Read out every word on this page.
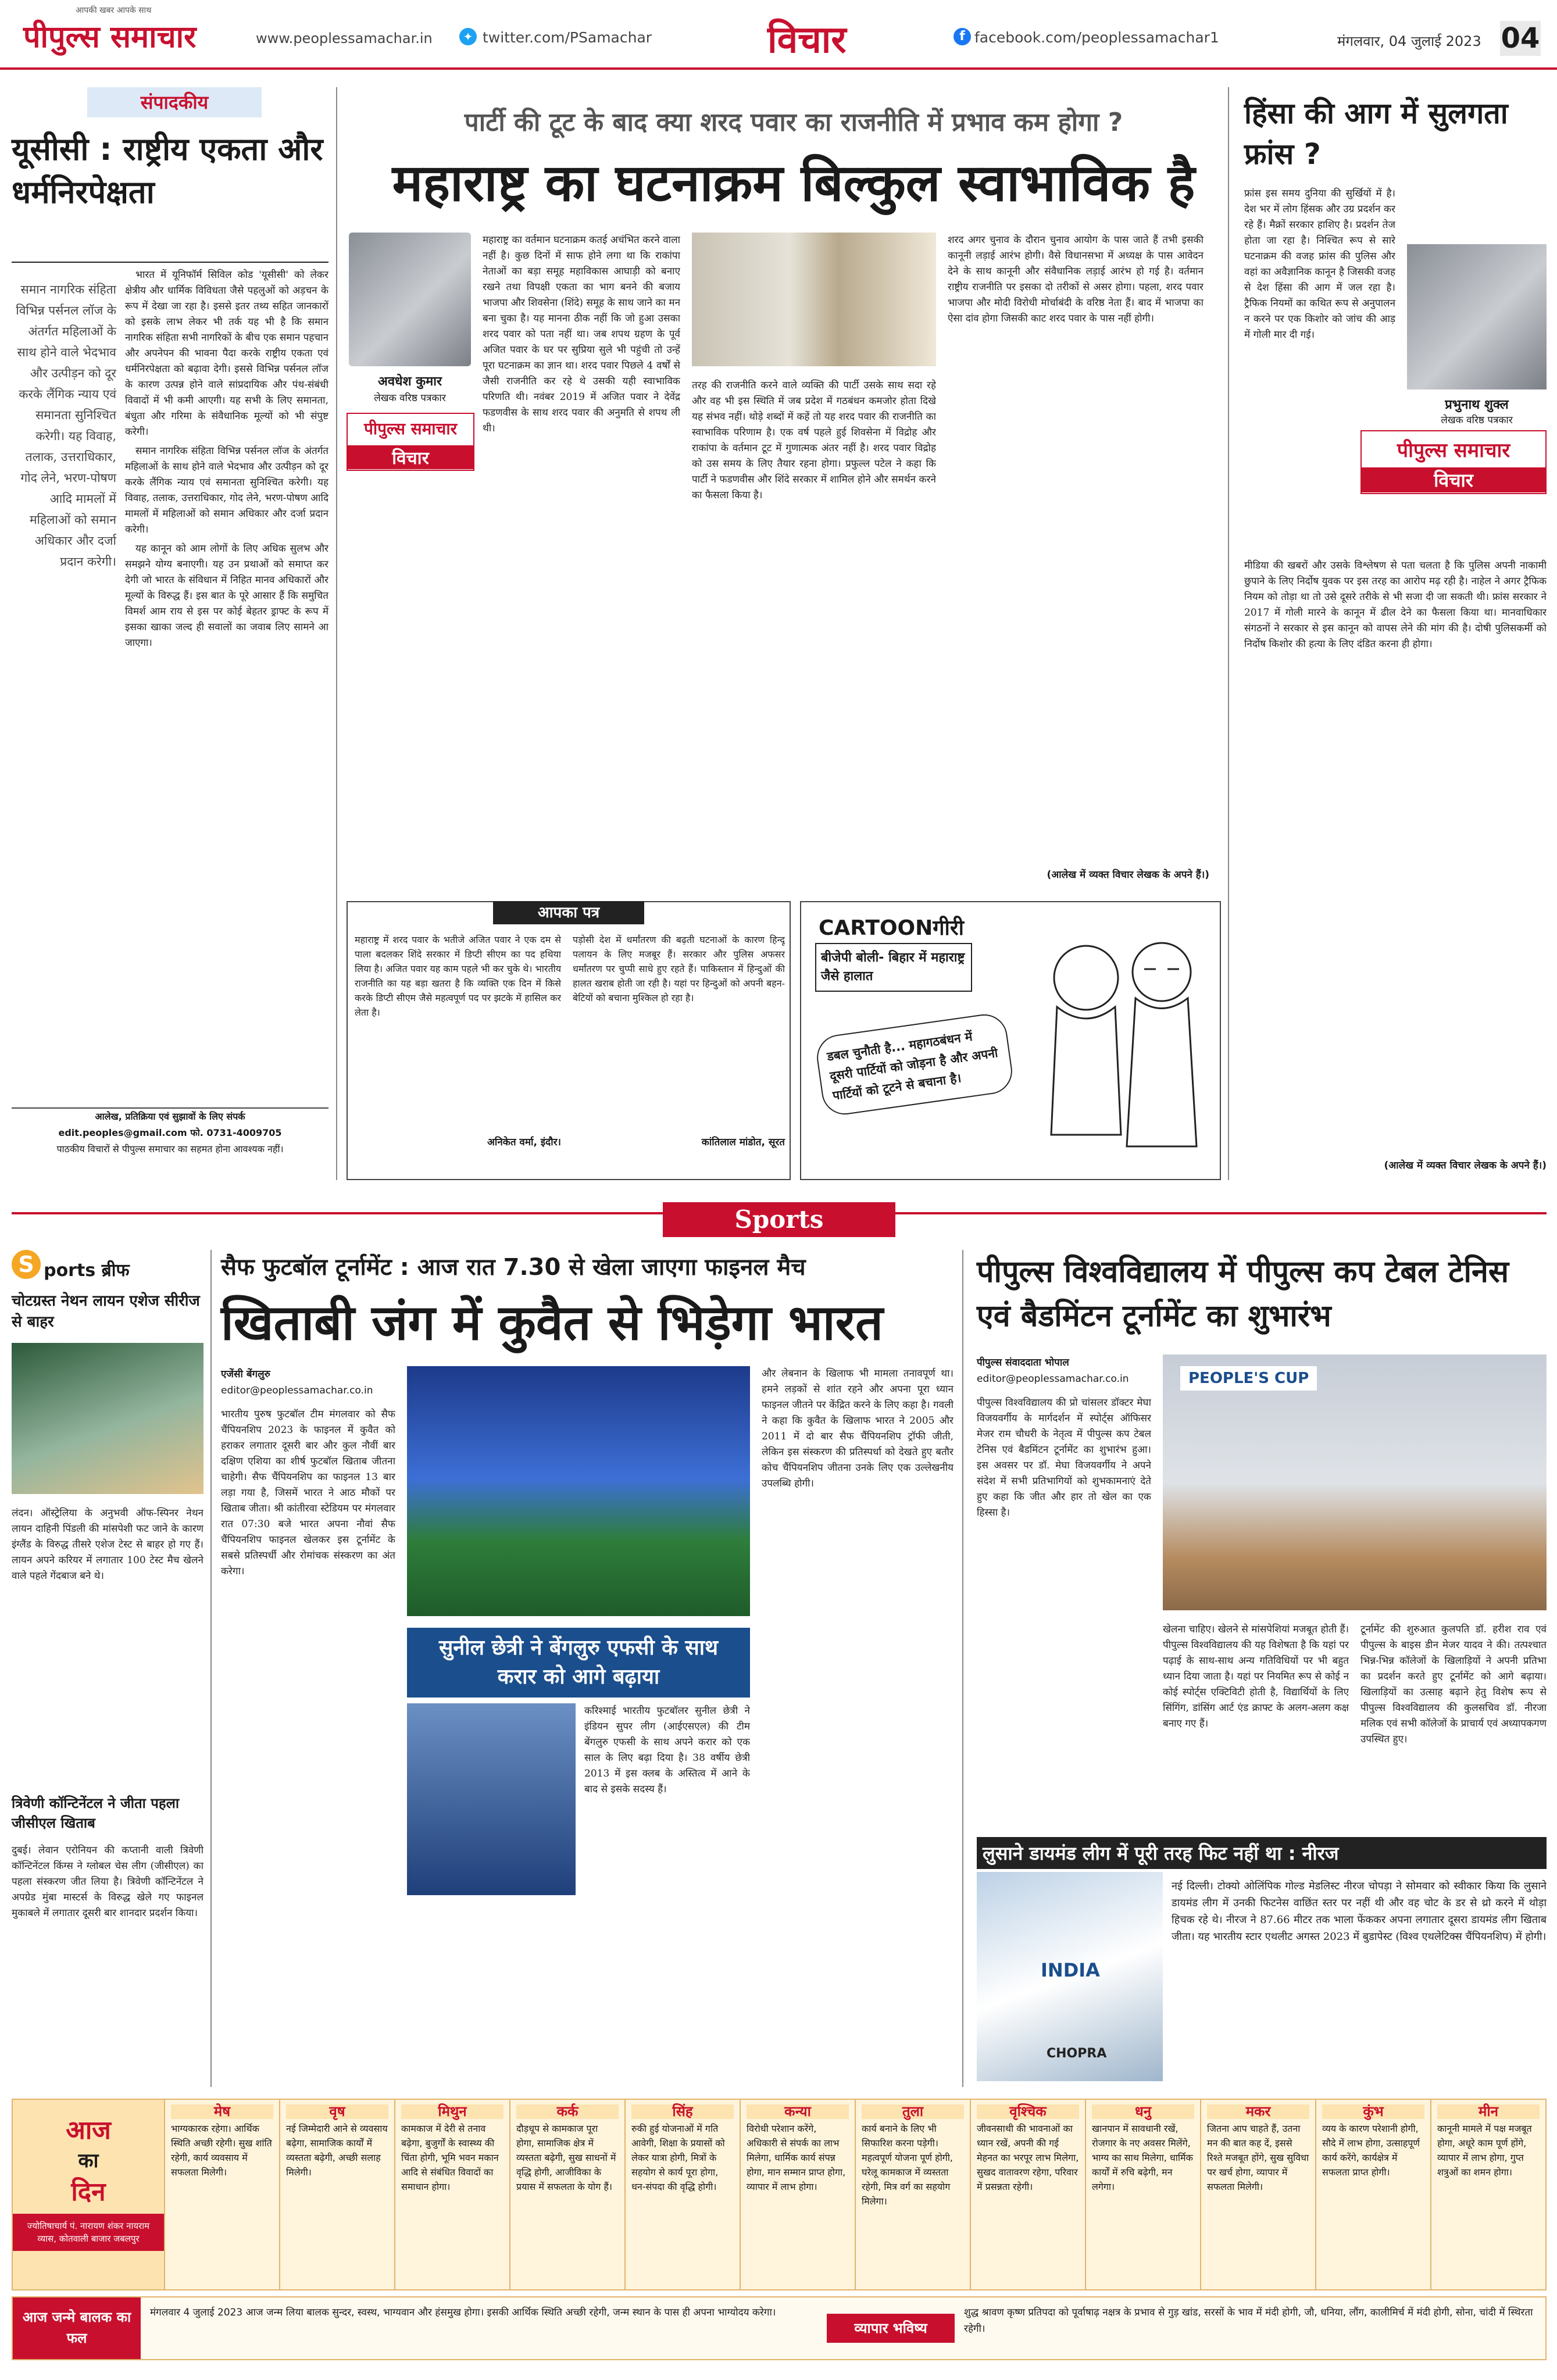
पीपुल्स समाचार
आपकी खबर आपके साथ
www.peoplessamachar.in	✦ twitter.com/PSamachar	विचार	f facebook.com/peoplessamachar1	मंगलवार, 04 जुलाई 2023 04
संपादकीय
यूसीसी : राष्ट्रीय एकता और धर्मनिरपेक्षता
समान नागरिक संहिता विभिन्न पर्सनल लॉज के अंतर्गत महिलाओं के साथ होने वाले भेदभाव और उत्पीड़न को दूर करके लैंगिक न्याय एवं समानता सुनिश्चित करेगी। यह विवाह, तलाक, उत्तराधिकार, गोद लेने, भरण-पोषण आदि मामलों में महिलाओं को समान अधिकार और दर्जा प्रदान करेगी।

भारत में यूनिफॉर्म सिविल कोड 'यूसीसी' को लेकर क्षेत्रीय और धार्मिक विविधता जैसे पहलुओं को अड़चन के रूप में देखा जा रहा है। इससे इतर तथ्य सहित जानकारों को इसके लाभ लेकर भी तर्क यह भी है कि समान नागरिक संहिता सभी नागरिकों के बीच एक समान पहचान और अपनेपन की भावना पैदा करके राष्ट्रीय एकता एवं धर्मनिरपेक्षता को बढ़ावा देगी। इससे विभिन्न पर्सनल लॉज के कारण उत्पन्न होने वाले सांप्रदायिक और पंथ-संबंधी विवादों में भी कमी आएगी। यह सभी के लिए समानता, बंधुता और गरिमा के संवैधानिक मूल्यों को भी संपुष्ट करेगी।

समान नागरिक संहिता विभिन्न पर्सनल लॉज के अंतर्गत महिलाओं के साथ होने वाले भेदभाव और उत्पीड़न को दूर करके लैंगिक न्याय एवं समानता सुनिश्चित करेगी। यह विवाह, तलाक, उत्तराधिकार, गोद लेने, भरण-पोषण आदि मामलों में महिलाओं को समान अधिकार और दर्जा प्रदान करेगी।

यह कानून को आम लोगों के लिए अधिक सुलभ और समझने योग्य बनाएगी। यह उन प्रथाओं को समाप्त कर देगी जो भारत के संविधान में निहित मानव अधिकारों और मूल्यों के विरुद्ध हैं। इस बात के पूरे आसार हैं कि समुचित विमर्श आम राय से इस पर कोई बेहतर ड्राफ्ट के रूप में इसका खाका जल्द ही सवालों का जवाब लिए सामने आ जाएगा।

आलेख, प्रतिक्रिया एवं सुझावों के लिए संपर्क
edit.peoples@gmail.com फो. 0731-4009705
पाठकीय विचारों से पीपुल्स समाचार का सहमत होना आवश्यक नहीं।
पार्टी की टूट के बाद क्या शरद पवार का राजनीति में प्रभाव कम होगा ?
महाराष्ट्र का घटनाक्रम बिल्कुल स्वाभाविक है
अवधेश कुमार
लेखक वरिष्ठ पत्रकार
पीपुल्स समाचार
विचार
महाराष्ट्र का वर्तमान घटनाक्रम कतई अचंभित करने वाला नहीं है। कुछ दिनों में साफ होने लगा था कि राकांपा नेताओं का बड़ा समूह महाविकास आघाड़ी को बनाए रखने तथा विपक्षी एकता का भाग बनने की बजाय भाजपा और शिवसेना (शिंदे) समूह के साथ जाने का मन बना चुका है। यह मानना ठीक नहीं कि जो हुआ उसका शरद पवार को पता नहीं था। जब शपथ ग्रहण के पूर्व अजित पवार के घर पर सुप्रिया सुले भी पहुंची तो उन्हें पूरा घटनाक्रम का ज्ञान था। शरद पवार पिछले 4 वर्षों से जैसी राजनीति कर रहे थे उसकी यही स्वाभाविक परिणति थी। नवंबर 2019 में अजित पवार ने देवेंद्र फडणवीस के साथ शरद पवार की अनुमति से शपथ ली थी।
तरह की राजनीति करने वाले व्यक्ति की पार्टी उसके साथ सदा रहे और वह भी इस स्थिति में जब प्रदेश में गठबंधन कमजोर होता दिखे यह संभव नहीं। थोड़े शब्दों में कहें तो यह शरद पवार की राजनीति का स्वाभाविक परिणाम है। एक वर्ष पहले हुई शिवसेना में विद्रोह और राकांपा के वर्तमान टूट में गुणात्मक अंतर नहीं है। शरद पवार विद्रोह को उस समय के लिए तैयार रहना होगा। प्रफुल्ल पटेल ने कहा कि पार्टी ने फडणवीस और शिंदे सरकार में शामिल होने और समर्थन करने का फैसला किया है।
शरद अगर चुनाव के दौरान चुनाव आयोग के पास जाते हैं तभी इसकी कानूनी लड़ाई आरंभ होगी। वैसे विधानसभा में अध्यक्ष के पास आवेदन देने के साथ कानूनी और संवैधानिक लड़ाई आरंभ हो गई है। वर्तमान राष्ट्रीय राजनीति पर इसका दो तरीकों से असर होगा। पहला, शरद पवार भाजपा और मोदी विरोधी मोर्चाबंदी के वरिष्ठ नेता हैं। बाद में भाजपा का ऐसा दांव होगा जिसकी काट शरद पवार के पास नहीं होगी।
(आलेख में व्यक्त विचार लेखक के अपने हैं।)
आपका पत्र
महाराष्ट्र में शरद पवार के भतीजे अजित पवार ने एक दम से पाला बदलकर शिंदे सरकार में डिप्टी सीएम का पद हथिया लिया है। अजित पवार यह काम पहले भी कर चुके थे। भारतीय राजनीति का यह बड़ा खतरा है कि व्यक्ति एक दिन में किसे करके डिप्टी सीएम जैसे महत्वपूर्ण पद पर झटके में हासिल कर लेता है।
अनिकेत वर्मा, इंदौर।
पड़ोसी देश में धर्मांतरण की बढ़ती घटनाओं के कारण हिन्दू पलायन के लिए मजबूर हैं। सरकार और पुलिस अफसर धर्मांतरण पर चुप्पी साधे हुए रहते हैं। पाकिस्तान में हिन्दुओं की हालत खराब होती जा रही है। यहां पर हिन्दुओं को अपनी बहन-बेटियों को बचाना मुश्किल हो रहा है।
कांतिलाल मांडोत, सूरत
CARTOONगीरी
बीजेपी बोली- बिहार में महाराष्ट्र जैसे हालात
डबल चुनौती है... महागठबंधन में दूसरी पार्टियों को जोड़ना है और अपनी पार्टियों को टूटने से बचाना है।
हिंसा की आग में सुलगता फ्रांस ?
फ्रांस इस समय दुनिया की सुर्खियों में है। देश भर में लोग हिंसक और उग्र प्रदर्शन कर रहे हैं। मैक्रों सरकार हाशिए है। प्रदर्शन तेज होता जा रहा है। निश्चित रूप से सारे घटनाक्रम की वजह फ्रांस की पुलिस और वहां का अवैज्ञानिक कानून है जिसकी वजह से देश हिंसा की आग में जल रहा है। ट्रैफिक नियमों का कथित रूप से अनुपालन न करने पर एक किशोर को जांच की आड़ में गोली मार दी गई।
प्रभुनाथ शुक्ल
लेखक वरिष्ठ पत्रकार
पीपुल्स समाचार
विचार
मीडिया की खबरों और उसके विश्लेषण से पता चलता है कि पुलिस अपनी नाकामी छुपाने के लिए निर्दोष युवक पर इस तरह का आरोप मढ़ रही है। नाहेल ने अगर ट्रैफिक नियम को तोड़ा था तो उसे दूसरे तरीके से भी सजा दी जा सकती थी। फ्रांस सरकार ने 2017 में गोली मारने के कानून में ढील देने का फैसला किया था। मानवाधिकार संगठनों ने सरकार से इस कानून को वापस लेने की मांग की है। दोषी पुलिसकर्मी को निर्दोष किशोर की हत्या के लिए दंडित करना ही होगा।
(आलेख में व्यक्त विचार लेखक के अपने हैं।)
Sports
S ports ब्रीफ
चोटग्रस्त नेथन लायन एशेज सीरीज से बाहर
लंदन। ऑस्ट्रेलिया के अनुभवी ऑफ-स्पिनर नेथन लायन दाहिनी पिंडली की मांसपेशी फट जाने के कारण इंग्लैंड के विरुद्ध तीसरे एशेज टेस्ट से बाहर हो गए हैं। लायन अपने करियर में लगातार 100 टेस्ट मैच खेलने वाले पहले गेंदबाज बने थे।
त्रिवेणी कॉन्टिनेंटल ने जीता पहला जीसीएल खिताब
दुबई। लेवान एरोनियन की कप्तानी वाली त्रिवेणी कॉन्टिनेंटल किंग्स ने ग्लोबल चेस लीग (जीसीएल) का पहला संस्करण जीत लिया है। त्रिवेणी कॉन्टिनेंटल ने अपग्रेड मुंबा मास्टर्स के विरुद्ध खेले गए फाइनल मुकाबले में लगातार दूसरी बार शानदार प्रदर्शन किया।
सैफ फुटबॉल टूर्नामेंट : आज रात 7.30 से खेला जाएगा फाइनल मैच
खिताबी जंग में कुवैत से भिड़ेगा भारत
एजेंसी बेंगलुरु
editor@peoplessamachar.co.in
भारतीय पुरुष फुटबॉल टीम मंगलवार को सैफ चैंपियनशिप 2023 के फाइनल में कुवैत को हराकर लगातार दूसरी बार और कुल नौवीं बार दक्षिण एशिया का शीर्ष फुटबॉल खिताब जीतना चाहेगी। सैफ चैंपियनशिप का फाइनल 13 बार लड़ा गया है, जिसमें भारत ने आठ मौकों पर खिताब जीता। श्री कांतीरवा स्टेडियम पर मंगलवार रात 07:30 बजे भारत अपना नौवां सैफ चैंपियनशिप फाइनल खेलकर इस टूर्नामेंट के सबसे प्रतिस्पर्धी और रोमांचक संस्करण का अंत करेगा।
और लेबनान के खिलाफ भी मामला तनावपूर्ण था। हमने लड़कों से शांत रहने और अपना पूरा ध्यान फाइनल जीतने पर केंद्रित करने के लिए कहा है। गवली ने कहा कि कुवैत के खिलाफ भारत ने 2005 और 2011 में दो बार सैफ चैंपियनशिप ट्रॉफी जीती, लेकिन इस संस्करण की प्रतिस्पर्धा को देखते हुए बतौर कोच चैंपियनशिप जीतना उनके लिए एक उल्लेखनीय उपलब्धि होगी।
सुनील छेत्री ने बेंगलुरु एफसी के साथ करार को आगे बढ़ाया
करिश्माई भारतीय फुटबॉलर सुनील छेत्री ने इंडियन सुपर लीग (आईएसएल) की टीम बेंगलुरु एफसी के साथ अपने करार को एक साल के लिए बढ़ा दिया है। 38 वर्षीय छेत्री 2013 में इस क्लब के अस्तित्व में आने के बाद से इसके सदस्य हैं।
पीपुल्स विश्वविद्यालय में पीपुल्स कप टेबल टेनिस एवं बैडमिंटन टूर्नामेंट का शुभारंभ
पीपुल्स संवाददाता भोपाल
editor@peoplessamachar.co.in
पीपुल्स विश्वविद्यालय की प्रो चांसलर डॉक्टर मेघा विजयवर्गीय के मार्गदर्शन में स्पोर्ट्स ऑफिसर मेजर राम चौधरी के नेतृत्व में पीपुल्स कप टेबल टेनिस एवं बैडमिंटन टूर्नामेंट का शुभारंभ हुआ। इस अवसर पर डॉ. मेघा विजयवर्गीय ने अपने संदेश में सभी प्रतिभागियों को शुभकामनाएं देते हुए कहा कि जीत और हार तो खेल का एक हिस्सा है।
PEOPLE'S CUP
खेलना चाहिए। खेलने से मांसपेशियां मजबूत होती हैं। पीपुल्स विश्वविद्यालय की यह विशेषता है कि यहां पर पढ़ाई के साथ-साथ अन्य गतिविधियों पर भी बहुत ध्यान दिया जाता है। यहां पर नियमित रूप से कोई न कोई स्पोर्ट्स एक्टिविटी होती है, विद्यार्थियों के लिए सिंगिंग, डांसिंग आर्ट एंड क्राफ्ट के अलग-अलग कक्ष बनाए गए हैं।
टूर्नामेंट की शुरुआत कुलपति डॉ. हरीश राव एवं पीपुल्स के बाइस डीन मेजर यादव ने की। तत्पश्चात भिन्न-भिन्न कॉलेजों के खिलाड़ियों ने अपनी प्रतिभा का प्रदर्शन करते हुए टूर्नामेंट को आगे बढ़ाया। खिलाड़ियों का उत्साह बढ़ाने हेतु विशेष रूप से पीपुल्स विश्वविद्यालय की कुलसचिव डॉ. नीरजा मलिक एवं सभी कॉलेजों के प्राचार्य एवं अध्यापकगण उपस्थित हुए।
लुसाने डायमंड लीग में पूरी तरह फिट नहीं था : नीरज
INDIA
CHOPRA
नई दिल्ली। टोक्यो ओलिंपिक गोल्ड मेडलिस्ट नीरज चोपड़ा ने सोमवार को स्वीकार किया कि लुसाने डायमंड लीग में उनकी फिटनेस वाछिंत स्तर पर नहीं थी और वह चोट के डर से थ्रो करने में थोड़ा हिचक रहे थे। नीरज ने 87.66 मीटर तक भाला फेंककर अपना लगातार दूसरा डायमंड लीग खिताब जीता। यह भारतीय स्टार एथलीट अगस्त 2023 में बुडापेस्ट (विश्व एथलेटिक्स चैंपियनशिप) में होगी।
आज
का
दिन
ज्योतिषाचार्य पं. नारायण शंकर नायराम व्यास, कोतवाली बाजार जबलपुर
मेष
भाग्यकारक रहेगा। आर्थिक स्थिति अच्छी रहेगी। सुख शांति रहेगी, कार्य व्यवसाय में सफलता मिलेगी।
वृष
नई जिम्मेदारी आने से व्यवसाय बढ़ेगा, सामाजिक कार्यों में व्यस्तता बढ़ेगी, अच्छी सलाह मिलेगी।
मिथुन
कामकाज में देरी से तनाव बढ़ेगा, बुजुर्गों के स्वास्थ्य की चिंता होगी, भूमि भवन मकान आदि से संबंधित विवादों का समाधान होगा।
कर्क
दौड़धूप से कामकाज पूरा होगा, सामाजिक क्षेत्र में व्यस्तता बढ़ेगी, सुख साधनों में वृद्धि होगी, आजीविका के प्रयास में सफलता के योग हैं।
सिंह
रुकी हुई योजनाओं में गति आवेगी, शिक्षा के प्रयासों को लेकर यात्रा होगी, मित्रों के सहयोग से कार्य पूरा होगा, धन-संपदा की वृद्धि होगी।
कन्या
विरोधी परेशान करेंगे, अधिकारी से संपर्क का लाभ मिलेगा, धार्मिक कार्य संपन्न होगा, मान सम्मान प्राप्त होगा, व्यापार में लाभ होगा।
तुला
कार्य बनाने के लिए भी सिफारिश करना पड़ेगी। महत्वपूर्ण योजना पूर्ण होगी, घरेलू कामकाज में व्यस्तता रहेगी, मित्र वर्ग का सहयोग मिलेगा।
वृश्चिक
जीवनसाथी की भावनाओं का ध्यान रखें, अपनी की गई मेहनत का भरपूर लाभ मिलेगा, सुखद वातावरण रहेगा, परिवार में प्रसन्नता रहेगी।
धनु
खानपान में सावधानी रखें, रोजगार के नए अवसर मिलेंगे, भाग्य का साथ मिलेगा, धार्मिक कार्यों में रुचि बढ़ेगी, मन लगेगा।
मकर
जितना आप चाहते हैं, उतना मन की बात कह दें, इससे रिश्ते मजबूत होंगे, सुख सुविधा पर खर्च होगा, व्यापार में सफलता मिलेगी।
कुंभ
व्यय के कारण परेशानी होगी, सौदे में लाभ होगा, उत्साहपूर्ण कार्य करेंगे, कार्यक्षेत्र में सफलता प्राप्त होगी।
मीन
कानूनी मामले में पक्ष मजबूत होगा, अधूरे काम पूर्ण होंगे, व्यापार में लाभ होगा, गुप्त शत्रुओं का शमन होगा।
आज जन्मे बालक का फल
मंगलवार 4 जुलाई 2023 आज जन्म लिया बालक सुन्दर, स्वस्थ, भाग्यवान और हंसमुख होगा। इसकी आर्थिक स्थिति अच्छी रहेगी, जन्म स्थान के पास ही अपना भाग्योदय करेगा।
व्यापार भविष्य
शुद्ध श्रावण कृष्ण प्रतिपदा को पूर्वाषाढ़ नक्षत्र के प्रभाव से गुड़ खांड, सरसों के भाव में मंदी होगी, जौ, धनिया, लौंग, कालीमिर्च में मंदी होगी, सोना, चांदी में स्थिरता रहेगी।
